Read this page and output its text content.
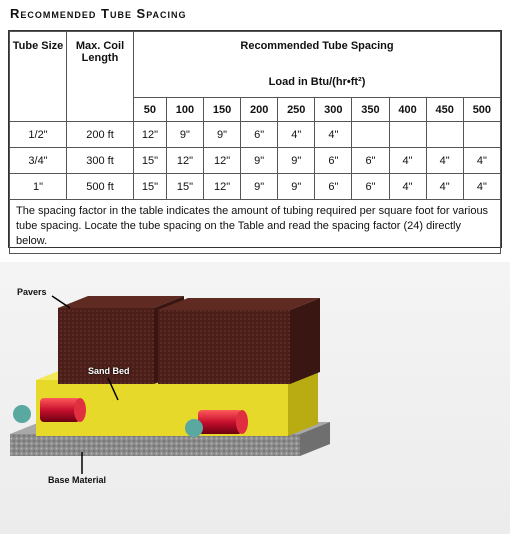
Recommended Tube Spacing
Tube Size	Max. Coil Length	Recommended Tube Spacing
Load in Btu/(hr•ft²)									

		50	100	150	200	250	300	350	400	450	500
1/2"	200 ft	12"	9"	9"	6"	4"	4"				
3/4"	300 ft	15"	12"	12"	9"	9"	6"	6"	4"	4"	4"
1"	500 ft	15"	15"	12"	9"	9"	6"	6"	4"	4"	4"
The spacing factor in the table indicates the amount of tubing required per square foot for various tube spacing. Locate the tube spacing on the Table and read the spacing factor (24) directly below.											
Pavers
Sand Bed
Base Material
